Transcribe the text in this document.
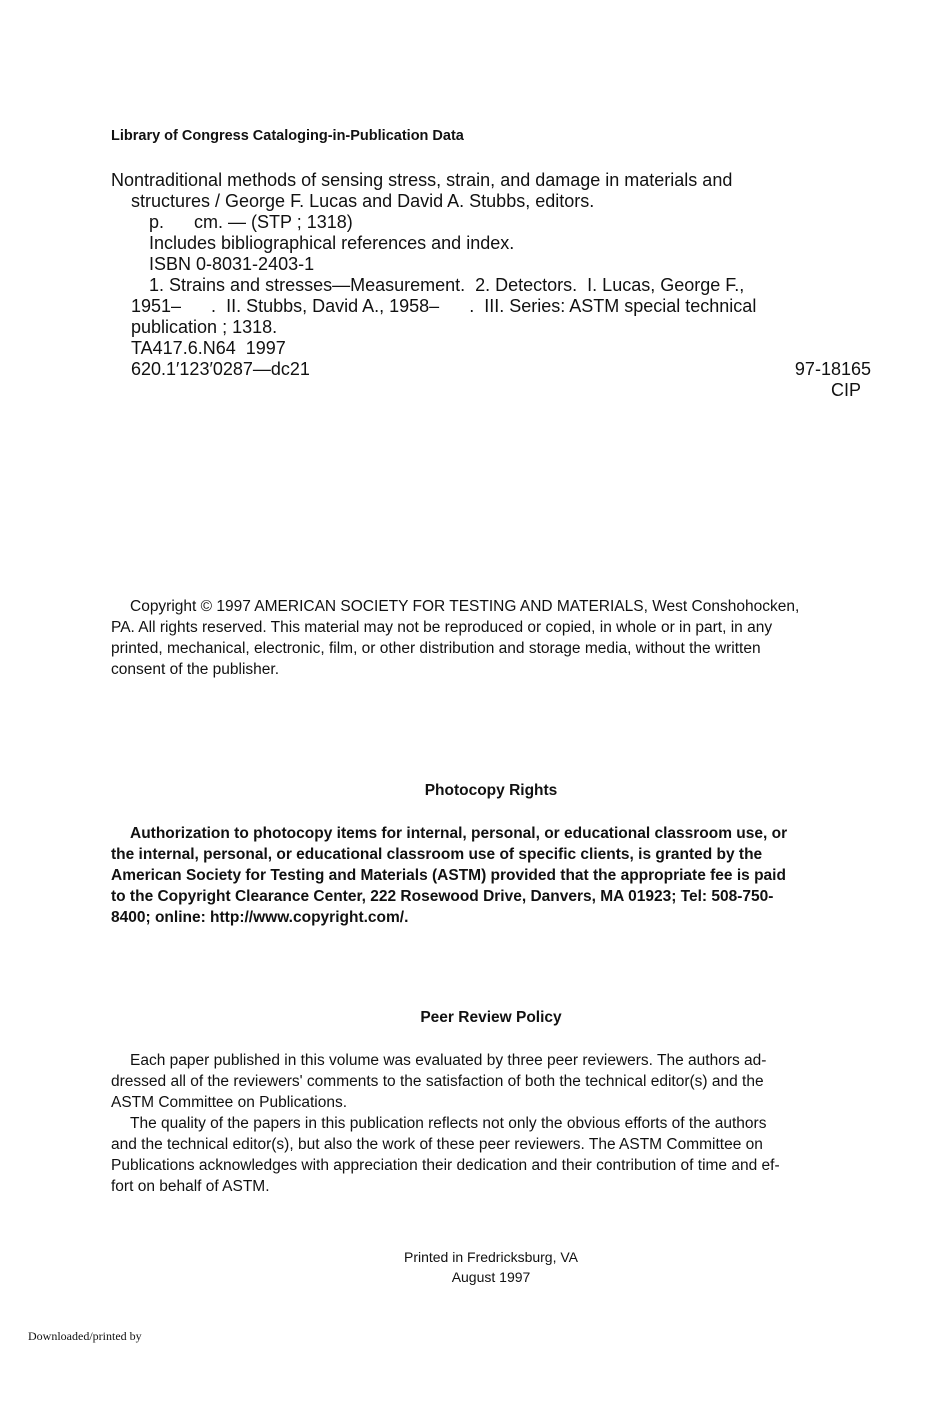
Library of Congress Cataloging-in-Publication Data
Nontraditional methods of sensing stress, strain, and damage in materials and
structures / George F. Lucas and David A. Stubbs, editors.
p.      cm. — (STP ; 1318)
Includes bibliographical references and index.
ISBN 0-8031-2403-1
1. Strains and stresses—Measurement.  2. Detectors.  I. Lucas, George F.,
1951–      .  II. Stubbs, David A., 1958–      .  III. Series: ASTM special technical
publication ; 1318.
TA417.6.N64  1997
620.1′123′0287—dc21	97-18165
CIP
Copyright © 1997 AMERICAN SOCIETY FOR TESTING AND MATERIALS, West Conshohocken,
PA. All rights reserved. This material may not be reproduced or copied, in whole or in part, in any
printed, mechanical, electronic, film, or other distribution and storage media, without the written
consent of the publisher.
Photocopy Rights
Authorization to photocopy items for internal, personal, or educational classroom use, or
the internal, personal, or educational classroom use of specific clients, is granted by the
American Society for Testing and Materials (ASTM) provided that the appropriate fee is paid
to the Copyright Clearance Center, 222 Rosewood Drive, Danvers, MA 01923; Tel: 508-750-
8400; online: http://www.copyright.com/.
Peer Review Policy
Each paper published in this volume was evaluated by three peer reviewers. The authors ad-
dressed all of the reviewers' comments to the satisfaction of both the technical editor(s) and the
ASTM Committee on Publications.
The quality of the papers in this publication reflects not only the obvious efforts of the authors
and the technical editor(s), but also the work of these peer reviewers. The ASTM Committee on
Publications acknowledges with appreciation their dedication and their contribution of time and ef-
fort on behalf of ASTM.
Printed in Fredricksburg, VA
August 1997
Downloaded/printed by
